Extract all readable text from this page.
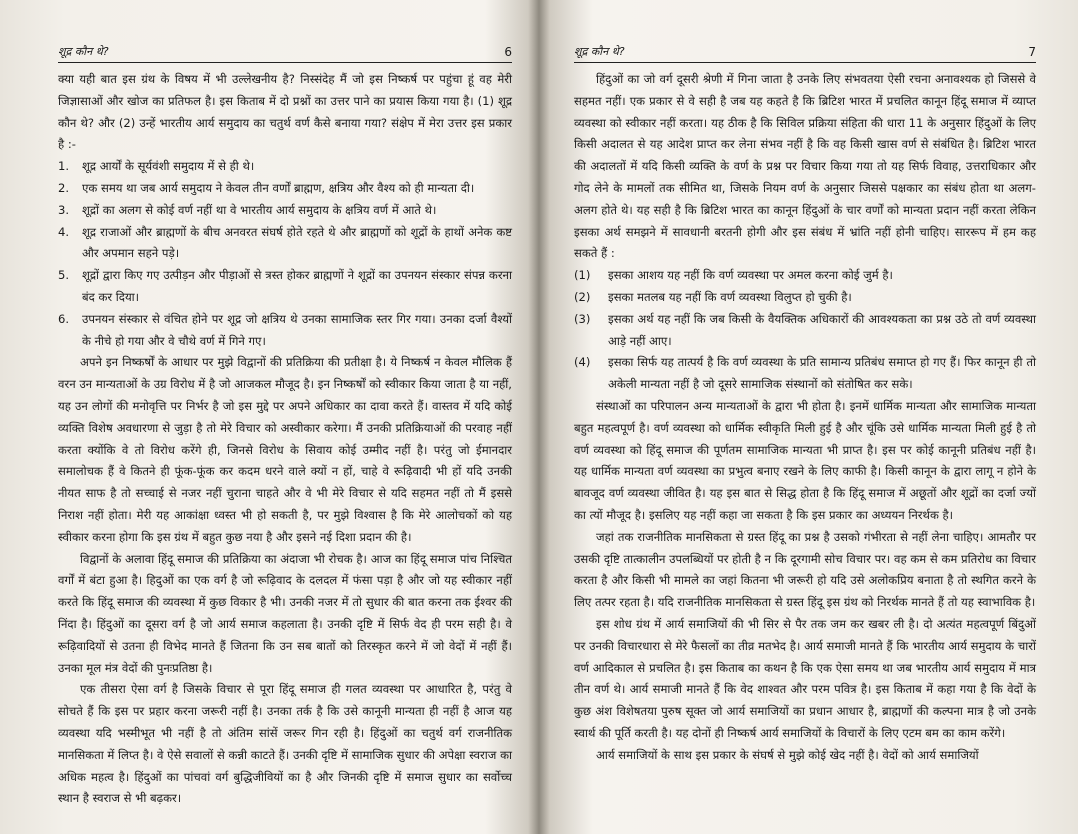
शूद्र कौन थे?	6

क्या यही बात इस ग्रंथ के विषय में भी उल्लेखनीय है? निस्संदेह मैं जो इस निष्कर्ष पर पहुंचा हूं वह मेरी जिज्ञासाओं और खोज का प्रतिफल है। इस किताब में दो प्रश्नों का उत्तर पाने का प्रयास किया गया है। (1) शूद्र कौन थे? और (2) उन्हें भारतीय आर्य समुदाय का चतुर्थ वर्ण कैसे बनाया गया? संक्षेप में मेरा उत्तर इस प्रकार है :-

1.	शूद्र आर्यों के सूर्यवंशी समुदाय में से ही थे।
2.	एक समय था जब आर्य समुदाय ने केवल तीन वर्णों ब्राह्मण, क्षत्रिय और वैश्य को ही मान्यता दी।
3.	शूद्रों का अलग से कोई वर्ण नहीं था वे भारतीय आर्य समुदाय के क्षत्रिय वर्ण में आते थे।
4.	शूद्र राजाओं और ब्राह्मणों के बीच अनवरत संघर्ष होते रहते थे और ब्राह्मणों को शूद्रों के हाथों अनेक कष्ट और अपमान सहने पड़े।
5.	शूद्रों द्वारा किए गए उत्पीड़न और पीड़ाओं से त्रस्त होकर ब्राह्मणों ने शूद्रों का उपनयन संस्कार संपन्न करना बंद कर दिया।
6.	उपनयन संस्कार से वंचित होने पर शूद्र जो क्षत्रिय थे उनका सामाजिक स्तर गिर गया। उनका दर्जा वैश्यों के नीचे हो गया और वे चौथे वर्ण में गिने गए।

अपने इन निष्कर्षों के आधार पर मुझे विद्वानों की प्रतिक्रिया की प्रतीक्षा है। ये निष्कर्ष न केवल मौलिक हैं वरन उन मान्यताओं के उग्र विरोध में है जो आजकल मौजूद है। इन निष्कर्षों को स्वीकार किया जाता है या नहीं, यह उन लोगों की मनोवृत्ति पर निर्भर है जो इस मुद्दे पर अपने अधिकार का दावा करते हैं। वास्तव में यदि कोई व्यक्ति विशेष अवधारणा से जुड़ा है तो मेरे विचार को अस्वीकार करेगा। मैं उनकी प्रतिक्रियाओं की परवाह नहीं करता क्योंकि वे तो विरोध करेंगे ही, जिनसे विरोध के सिवाय कोई उम्मीद नहीं है। परंतु जो ईमानदार समालोचक हैं वे कितने ही फूंक-फूंक कर कदम धरने वाले क्यों न हों, चाहे वे रूढ़िवादी भी हों यदि उनकी नीयत साफ है तो सच्चाई से नजर नहीं चुराना चाहते और वे भी मेरे विचार से यदि सहमत नहीं तो मैं इससे निराश नहीं होता। मेरी यह आकांक्षा ध्वस्त भी हो सकती है, पर मुझे विश्वास है कि मेरे आलोचकों को यह स्वीकार करना होगा कि इस ग्रंथ में बहुत कुछ नया है और इसने नई दिशा प्रदान की है।

विद्वानों के अलावा हिंदू समाज की प्रतिक्रिया का अंदाजा भी रोचक है। आज का हिंदू समाज पांच निश्चित वर्गों में बंटा हुआ है। हिदुओं का एक वर्ग है जो रूढ़िवाद के दलदल में फंसा पड़ा है और जो यह स्वीकार नहीं करते कि हिंदू समाज की व्यवस्था में कुछ विकार है भी। उनकी नजर में तो सुधार की बात करना तक ईश्वर की निंदा है। हिंदुओं का दूसरा वर्ग है जो आर्य समाज कहलाता है। उनकी दृष्टि में सिर्फ वेद ही परम सही है। वे रूढ़िवादियों से उतना ही विभेद मानते हैं जितना कि उन सब बातों को तिरस्कृत करने में जो वेदों में नहीं हैं। उनका मूल मंत्र वेदों की पुनःप्रतिष्ठा है।

एक तीसरा ऐसा वर्ग है जिसके विचार से पूरा हिंदू समाज ही गलत व्यवस्था पर आधारित है, परंतु वे सोचते हैं कि इस पर प्रहार करना जरूरी नहीं है। उनका तर्क है कि उसे कानूनी मान्यता ही नहीं है आज यह व्यवस्था यदि भस्मीभूत भी नहीं है तो अंतिम सांसें जरूर गिन रही है। हिंदुओं का चतुर्थ वर्ग राजनीतिक मानसिकता में लिप्त है। वे ऐसे सवालों से कन्नी काटते हैं। उनकी दृष्टि में सामाजिक सुधार की अपेक्षा स्वराज का अधिक महत्व है। हिंदुओं का पांचवां वर्ग बुद्धिजीवियों का है और जिनकी दृष्टि में समाज सुधार का सर्वोच्च स्थान है स्वराज से भी बढ़कर।

शूद्र कौन थे?	7

हिंदुओं का जो वर्ग दूसरी श्रेणी में गिना जाता है उनके लिए संभवतया ऐसी रचना अनावश्यक हो जिससे वे सहमत नहीं। एक प्रकार से वे सही है जब यह कहते है कि ब्रिटिश भारत में प्रचलित कानून हिंदू समाज में व्याप्त व्यवस्था को स्वीकार नहीं करता। यह ठीक है कि सिविल प्रक्रिया संहिता की धारा 11 के अनुसार हिंदुओं के लिए किसी अदालत से यह आदेश प्राप्त कर लेना संभव नहीं है कि वह किसी खास वर्ण से संबंधित है। ब्रिटिश भारत की अदालतों में यदि किसी व्यक्ति के वर्ण के प्रश्न पर विचार किया गया तो यह सिर्फ विवाह, उत्तराधिकार और गोद लेने के मामलों तक सीमित था, जिसके नियम वर्ण के अनुसार जिससे पक्षकार का संबंध होता था अलग-अलग होते थे। यह सही है कि ब्रिटिश भारत का कानून हिंदुओं के चार वर्णों को मान्यता प्रदान नहीं करता लेकिन इसका अर्थ समझने में सावधानी बरतनी होगी और इस संबंध में भ्रांति नहीं होनी चाहिए। साररूप में हम कह सकते हैं :

(1) इसका आशय यह नहीं कि वर्ण व्यवस्था पर अमल करना कोई जुर्म है।
(2) इसका मतलब यह नहीं कि वर्ण व्यवस्था विलुप्त हो चुकी है।
(3) इसका अर्थ यह नहीं कि जब किसी के वैयक्तिक अधिकारों की आवश्यकता का प्रश्न उठे तो वर्ण व्यवस्था आड़े नहीं आए।
(4) इसका सिर्फ यह तात्पर्य है कि वर्ण व्यवस्था के प्रति सामान्य प्रतिबंध समाप्त हो गए हैं। फिर कानून ही तो अकेली मान्यता नहीं है जो दूसरे सामाजिक संस्थानों को संतोषित कर सके।

संस्थाओं का परिपालन अन्य मान्यताओं के द्वारा भी होता है। इनमें धार्मिक मान्यता और सामाजिक मान्यता बहुत महत्वपूर्ण है। वर्ण व्यवस्था को धार्मिक स्वीकृति मिली हुई है और चूंकि उसे धार्मिक मान्यता मिली हुई है तो वर्ण व्यवस्था को हिंदू समाज की पूर्णतम सामाजिक मान्यता भी प्राप्त है। इस पर कोई कानूनी प्रतिबंध नहीं है। यह धार्मिक मान्यता वर्ण व्यवस्था का प्रभुत्व बनाए रखने के लिए काफी है। किसी कानून के द्वारा लागू न होने के बावजूद वर्ण व्यवस्था जीवित है। यह इस बात से सिद्ध होता है कि हिंदू समाज में अछूतों और शूद्रों का दर्जा ज्यों का त्यों मौजूद है। इसलिए यह नहीं कहा जा सकता है कि इस प्रकार का अध्ययन निरर्थक है।

जहां तक राजनीतिक मानसिकता से ग्रस्त हिंदू का प्रश्न है उसको गंभीरता से नहीं लेना चाहिए। आमतौर पर उसकी दृष्टि तात्कालीन उपलब्धियों पर होती है न कि दूरगामी सोच विचार पर। वह कम से कम प्रतिरोध का विचार करता है और किसी भी मामले का जहां कितना भी जरूरी हो यदि उसे अलोकप्रिय बनाता है तो स्थगित करने के लिए तत्पर रहता है। यदि राजनीतिक मानसिकता से ग्रस्त हिंदू इस ग्रंथ को निरर्थक मानते हैं तो यह स्वाभाविक है।

इस शोध ग्रंथ में आर्य समाजियों की भी सिर से पैर तक जम कर खबर ली है। दो अत्यंत महत्वपूर्ण बिंदुओं पर उनकी विचारधारा से मेरे फैसलों का तीव्र मतभेद है। आर्य समाजी मानते हैं कि भारतीय आर्य समुदाय के चारों वर्ण आदिकाल से प्रचलित है। इस किताब का कथन है कि एक ऐसा समय था जब भारतीय आर्य समुदाय में मात्र तीन वर्ण थे। आर्य समाजी मानते हैं कि वेद शाश्वत और परम पवित्र है। इस किताब में कहा गया है कि वेदों के कुछ अंश विशेषतया पुरुष सूक्त जो आर्य समाजियों का प्रधान आधार है, ब्राह्मणों की कल्पना मात्र है जो उनके स्वार्थ की पूर्ति करती है। यह दोनों ही निष्कर्ष आर्य समाजियों के विचारों के लिए एटम बम का काम करेंगे।

आर्य समाजियों के साथ इस प्रकार के संघर्ष से मुझे कोई खेद नहीं है। वेदों को आर्य समाजियों
